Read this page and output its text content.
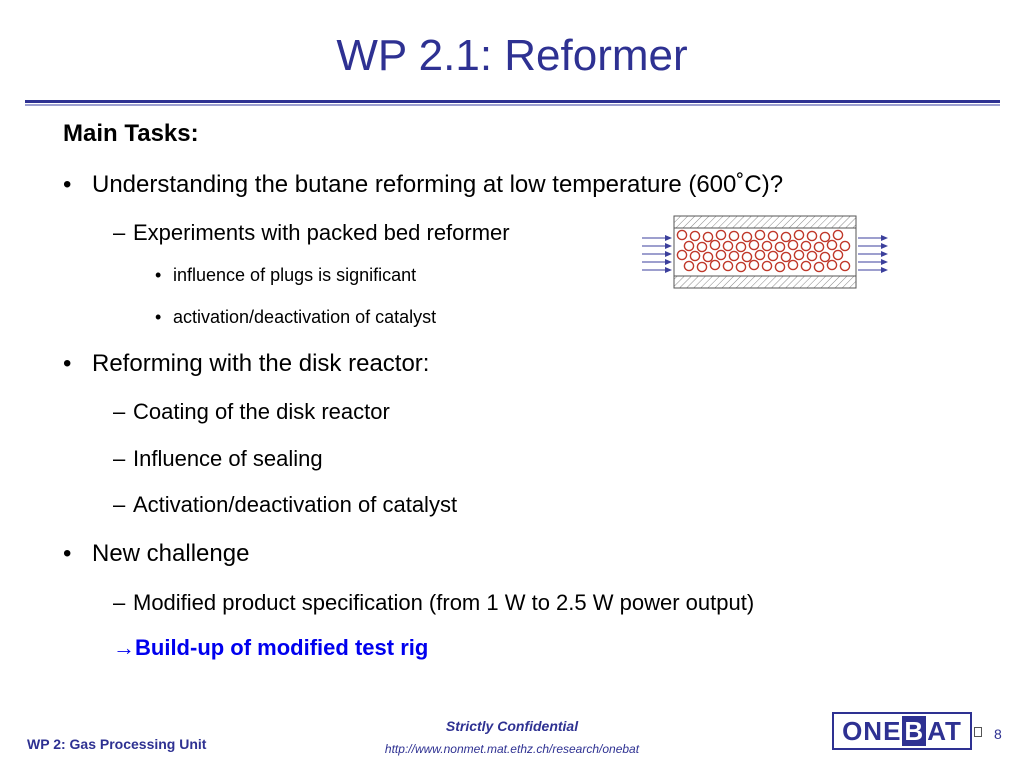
WP 2.1: Reformer
Main Tasks:
• Understanding the butane reforming at low temperature (600˚C)?
– Experiments with packed bed reformer
• influence of plugs is significant
• activation/deactivation of catalyst
• Reforming with the disk reactor:
– Coating of the disk reactor
– Influence of sealing
– Activation/deactivation of catalyst
• New challenge
– Modified product specification (from 1 W to 2.5 W power output)
→Build-up of modified test rig
WP 2: Gas Processing Unit
Strictly Confidential
http://www.nonmet.mat.ethz.ch/research/onebat
ON E B AT 8
